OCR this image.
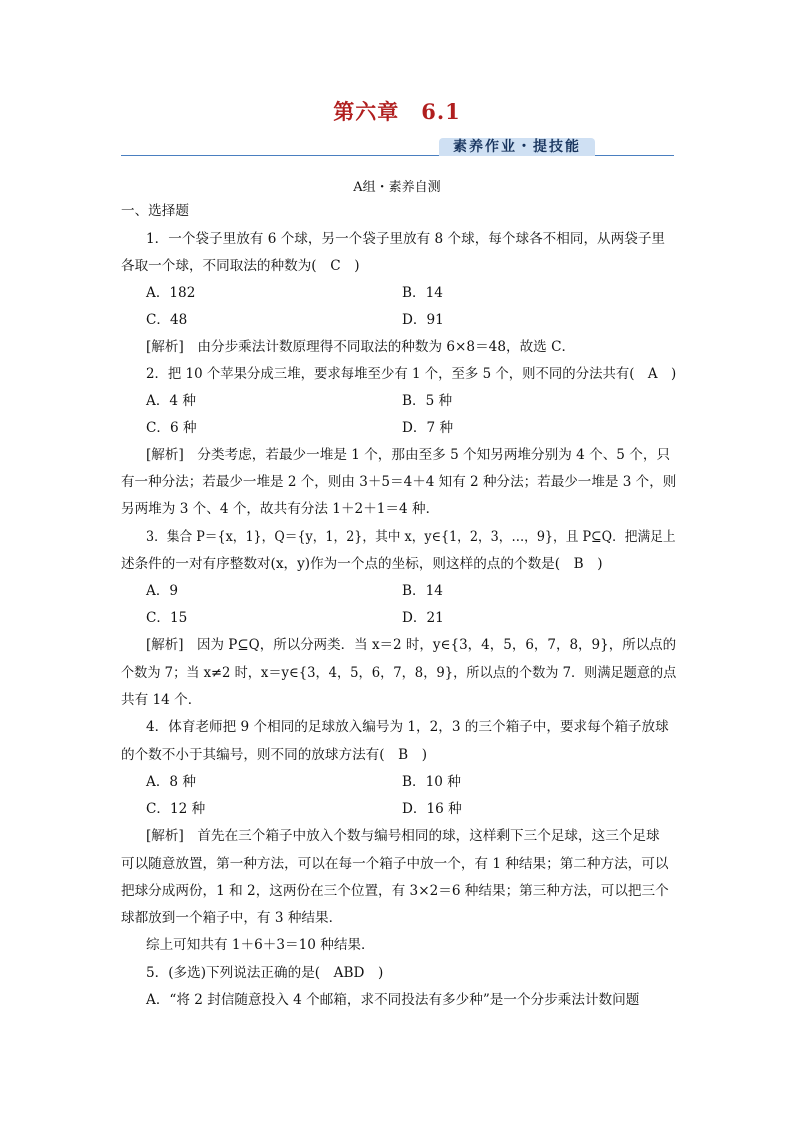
第六章　6.1
素养作业・提技能
A组・素养自测
一、选择题
1．一个袋子里放有 6 个球，另一个袋子里放有 8 个球，每个球各不相同，从两袋子里
各取一个球，不同取法的种数为(　C　)
A．182	B．14
C．48	D．91
[解析]　由分步乘法计数原理得不同取法的种数为 6×8＝48，故选 C．
2．把 10 个苹果分成三堆，要求每堆至少有 1 个，至多 5 个，则不同的分法共有(　A　)
A．4 种	B．5 种
C．6 种	D．7 种
[解析]　分类考虑，若最少一堆是 1 个，那由至多 5 个知另两堆分别为 4 个、5 个，只
有一种分法；若最少一堆是 2 个，则由 3＋5＝4＋4 知有 2 种分法；若最少一堆是 3 个，则
另两堆为 3 个、4 个，故共有分法 1＋2＋1＝4 种．
3．集合 P＝{x，1}，Q＝{y，1，2}，其中 x，y∈{1，2，3，…，9}，且 P⊆Q．把满足上
述条件的一对有序整数对(x，y)作为一个点的坐标，则这样的点的个数是(　B　)
A．9	B．14
C．15	D．21
[解析]　因为 P⊆Q，所以分两类．当 x＝2 时，y∈{3，4，5，6，7，8，9}，所以点的
个数为 7；当 x≠2 时，x＝y∈{3，4，5，6，7，8，9}，所以点的个数为 7．则满足题意的点
共有 14 个．
4．体育老师把 9 个相同的足球放入编号为 1，2，3 的三个箱子中，要求每个箱子放球
的个数不小于其编号，则不同的放球方法有(　B　)
A．8 种	B．10 种
C．12 种	D．16 种
[解析]　首先在三个箱子中放入个数与编号相同的球，这样剩下三个足球，这三个足球
可以随意放置，第一种方法，可以在每一个箱子中放一个，有 1 种结果；第二种方法，可以
把球分成两份，1 和 2，这两份在三个位置，有 3×2＝6 种结果；第三种方法，可以把三个
球都放到一个箱子中，有 3 种结果．
综上可知共有 1＋6＋3＝10 种结果．
5．(多选)下列说法正确的是(　ABD　)
A．“将 2 封信随意投入 4 个邮箱，求不同投法有多少种”是一个分步乘法计数问题
